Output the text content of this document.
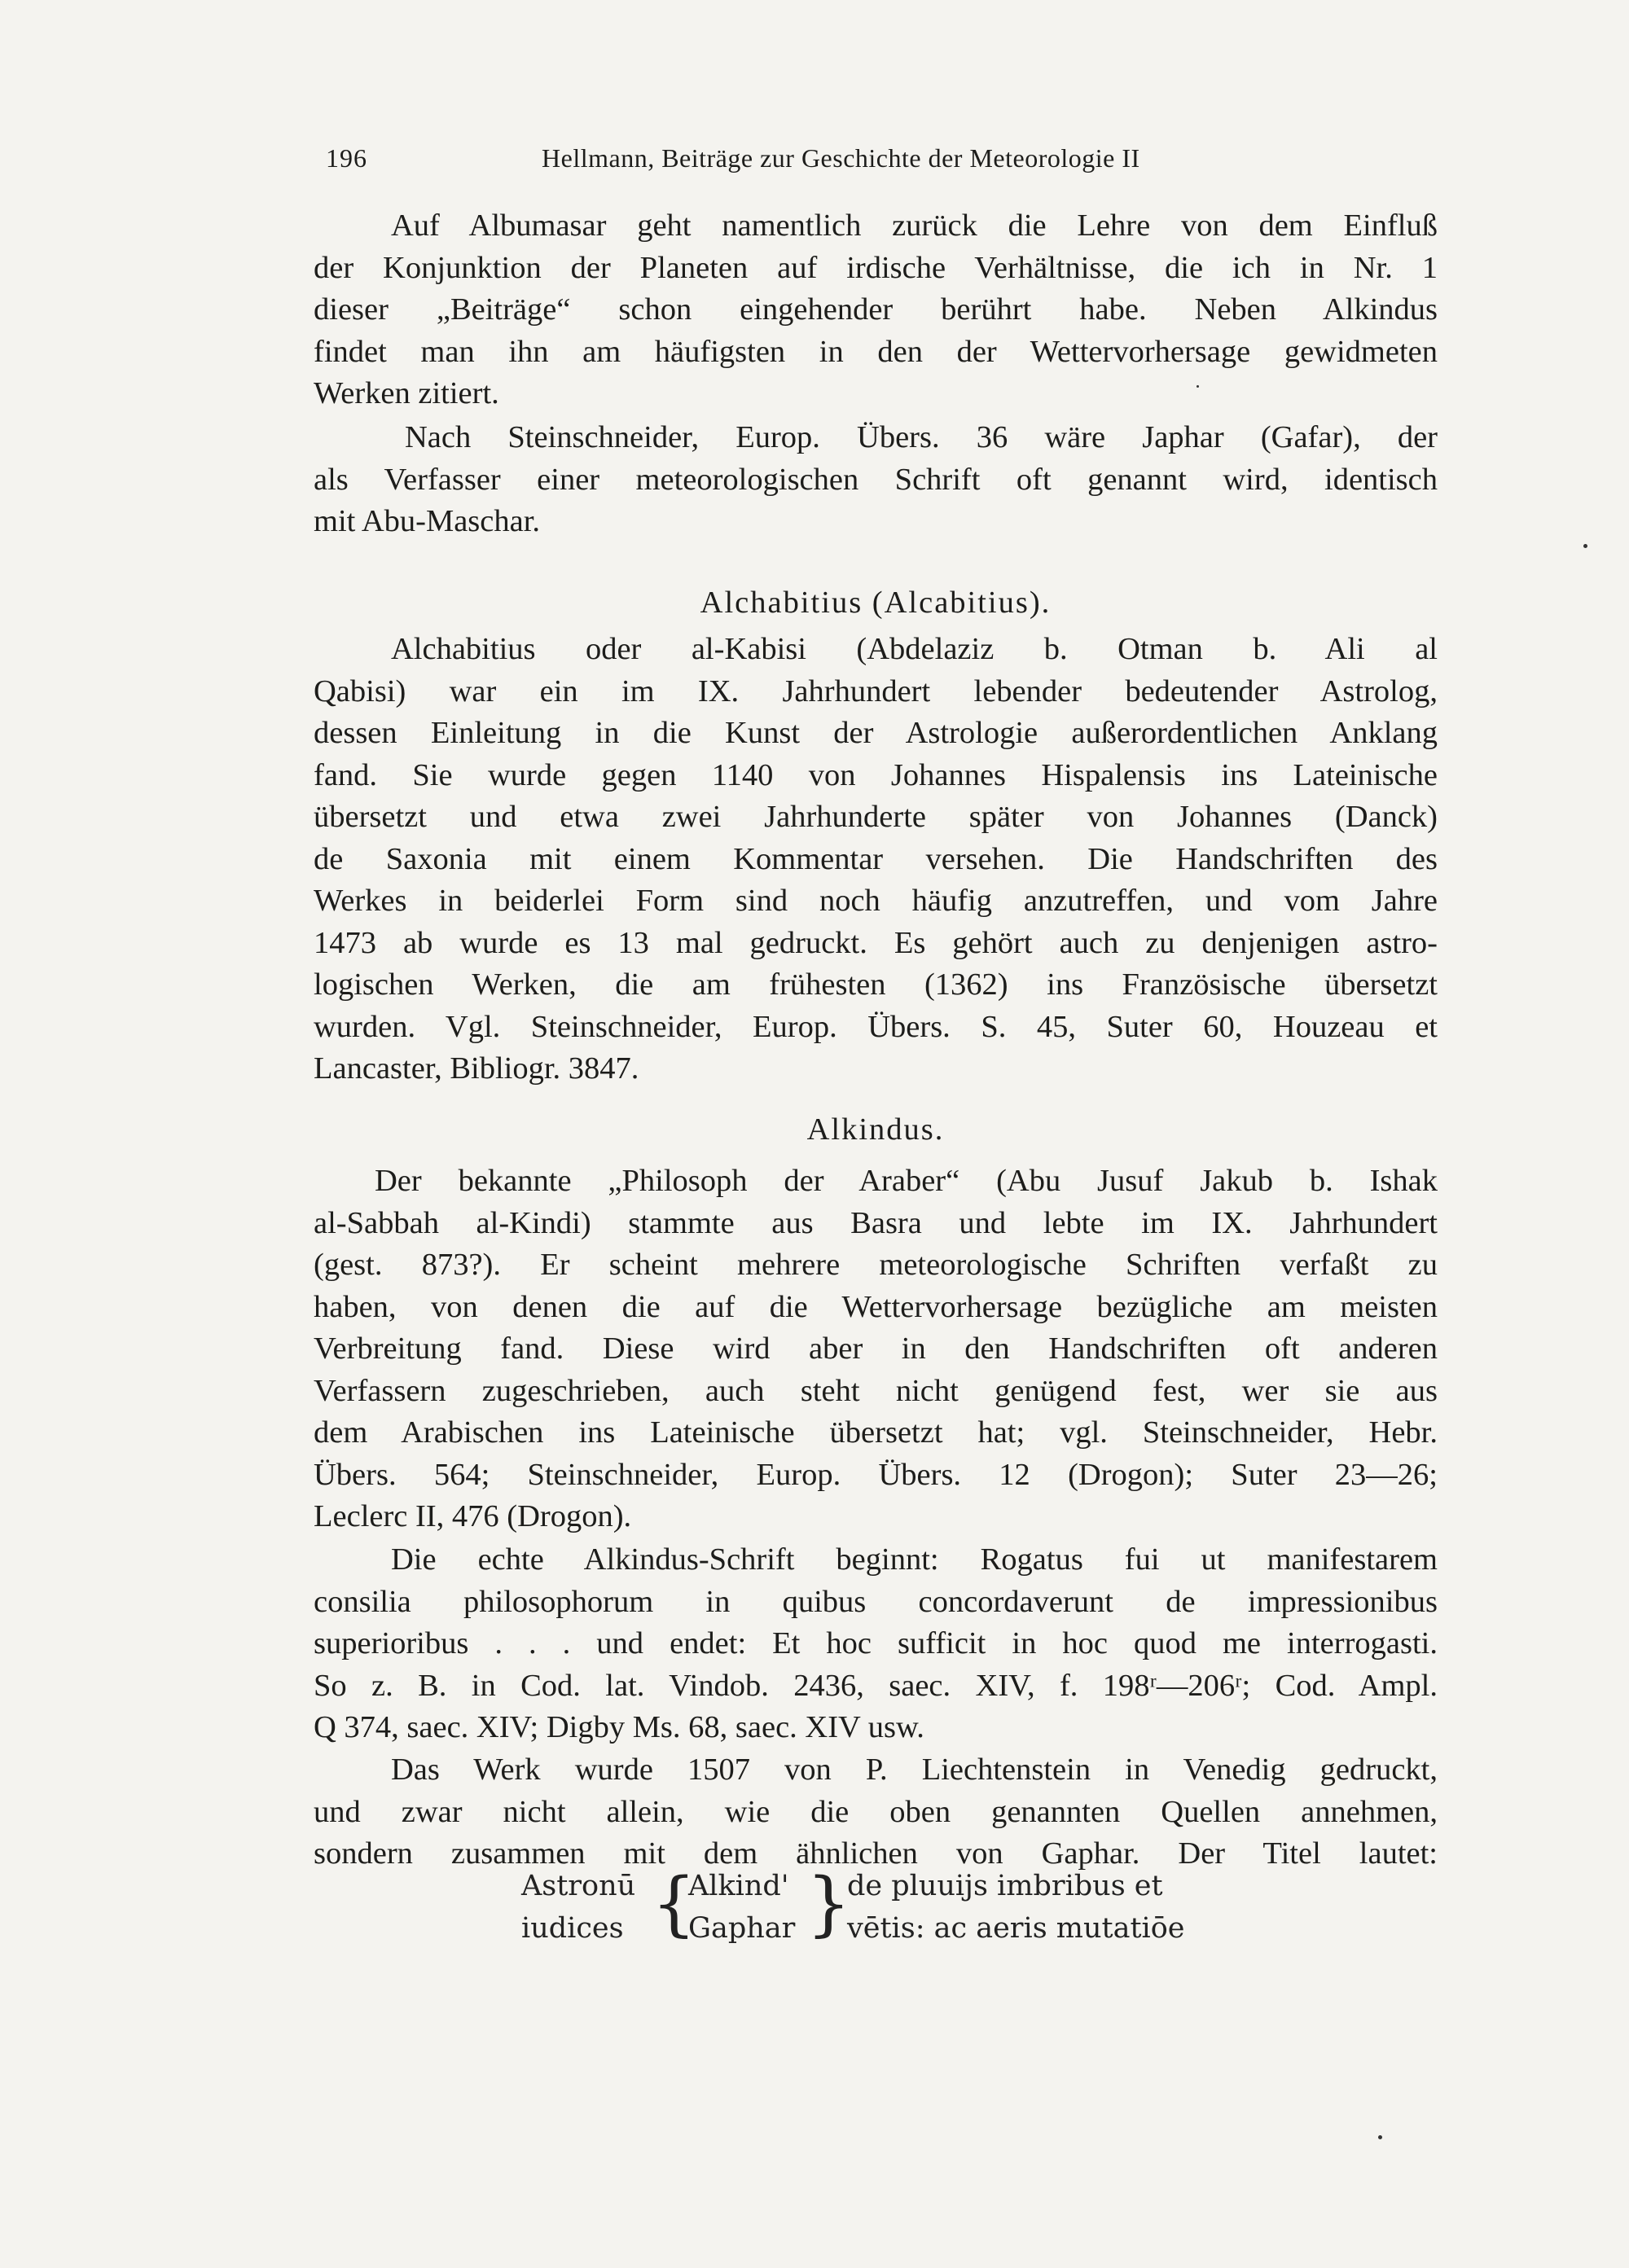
196	Hellmann, Beiträge zur Geschichte der Meteorologie II
Auf Albumasar geht namentlich zurück die Lehre von dem Einfluß
der Konjunktion der Planeten auf irdische Verhältnisse, die ich in Nr. 1
dieser „Beiträge“ schon eingehender berührt habe. Neben Alkindus
findet man ihn am häufigsten in den der Wettervorhersage gewidmeten
Werken zitiert.
Nach Steinschneider, Europ. Übers. 36 wäre Japhar (Gafar), der
als Verfasser einer meteorologischen Schrift oft genannt wird, identisch
mit Abu-Maschar.
Alchabitius (Alcabitius).
Alchabitius oder al-Kabisi (Abdelaziz b. Otman b. Ali al
Qabisi) war ein im IX. Jahrhundert lebender bedeutender Astrolog,
dessen Einleitung in die Kunst der Astrologie außerordentlichen Anklang
fand. Sie wurde gegen 1140 von Johannes Hispalensis ins Lateinische
übersetzt und etwa zwei Jahrhunderte später von Johannes (Danck)
de Saxonia mit einem Kommentar versehen. Die Handschriften des
Werkes in beiderlei Form sind noch häufig anzutreffen, und vom Jahre
1473 ab wurde es 13 mal gedruckt. Es gehört auch zu denjenigen astro-
logischen Werken, die am frühesten (1362) ins Französische übersetzt
wurden. Vgl. Steinschneider, Europ. Übers. S. 45, Suter 60, Houzeau et
Lancaster, Bibliogr. 3847.
Alkindus.
Der bekannte „Philosoph der Araber“ (Abu Jusuf Jakub b. Ishak
al-Sabbah al-Kindi) stammte aus Basra und lebte im IX. Jahrhundert
(gest. 873?). Er scheint mehrere meteorologische Schriften verfaßt zu
haben, von denen die auf die Wettervorhersage bezügliche am meisten
Verbreitung fand. Diese wird aber in den Handschriften oft anderen
Verfassern zugeschrieben, auch steht nicht genügend fest, wer sie aus
dem Arabischen ins Lateinische übersetzt hat; vgl. Steinschneider, Hebr.
Übers. 564; Steinschneider, Europ. Übers. 12 (Drogon); Suter 23—26;
Leclerc II, 476 (Drogon).
Die echte Alkindus-Schrift beginnt: Rogatus fui ut manifestarem
consilia philosophorum in quibus concordaverunt de impressionibus
superioribus . . . und endet: Et hoc sufficit in hoc quod me interrogasti.
So z. B. in Cod. lat. Vindob. 2436, saec. XIV, f. 198ʳ—206ʳ; Cod. Ampl.
Q 374, saec. XIV; Digby Ms. 68, saec. XIV usw.
Das Werk wurde 1507 von P. Liechtenstein in Venedig gedruckt,
und zwar nicht allein, wie die oben genannten Quellen annehmen,
sondern zusammen mit dem ähnlichen von Gaphar. Der Titel lautet:
Astronū
iudices {
Alkind'
Gaphar }
de pluuijs imbribus et
vētis: ac aeris mutatiōe
